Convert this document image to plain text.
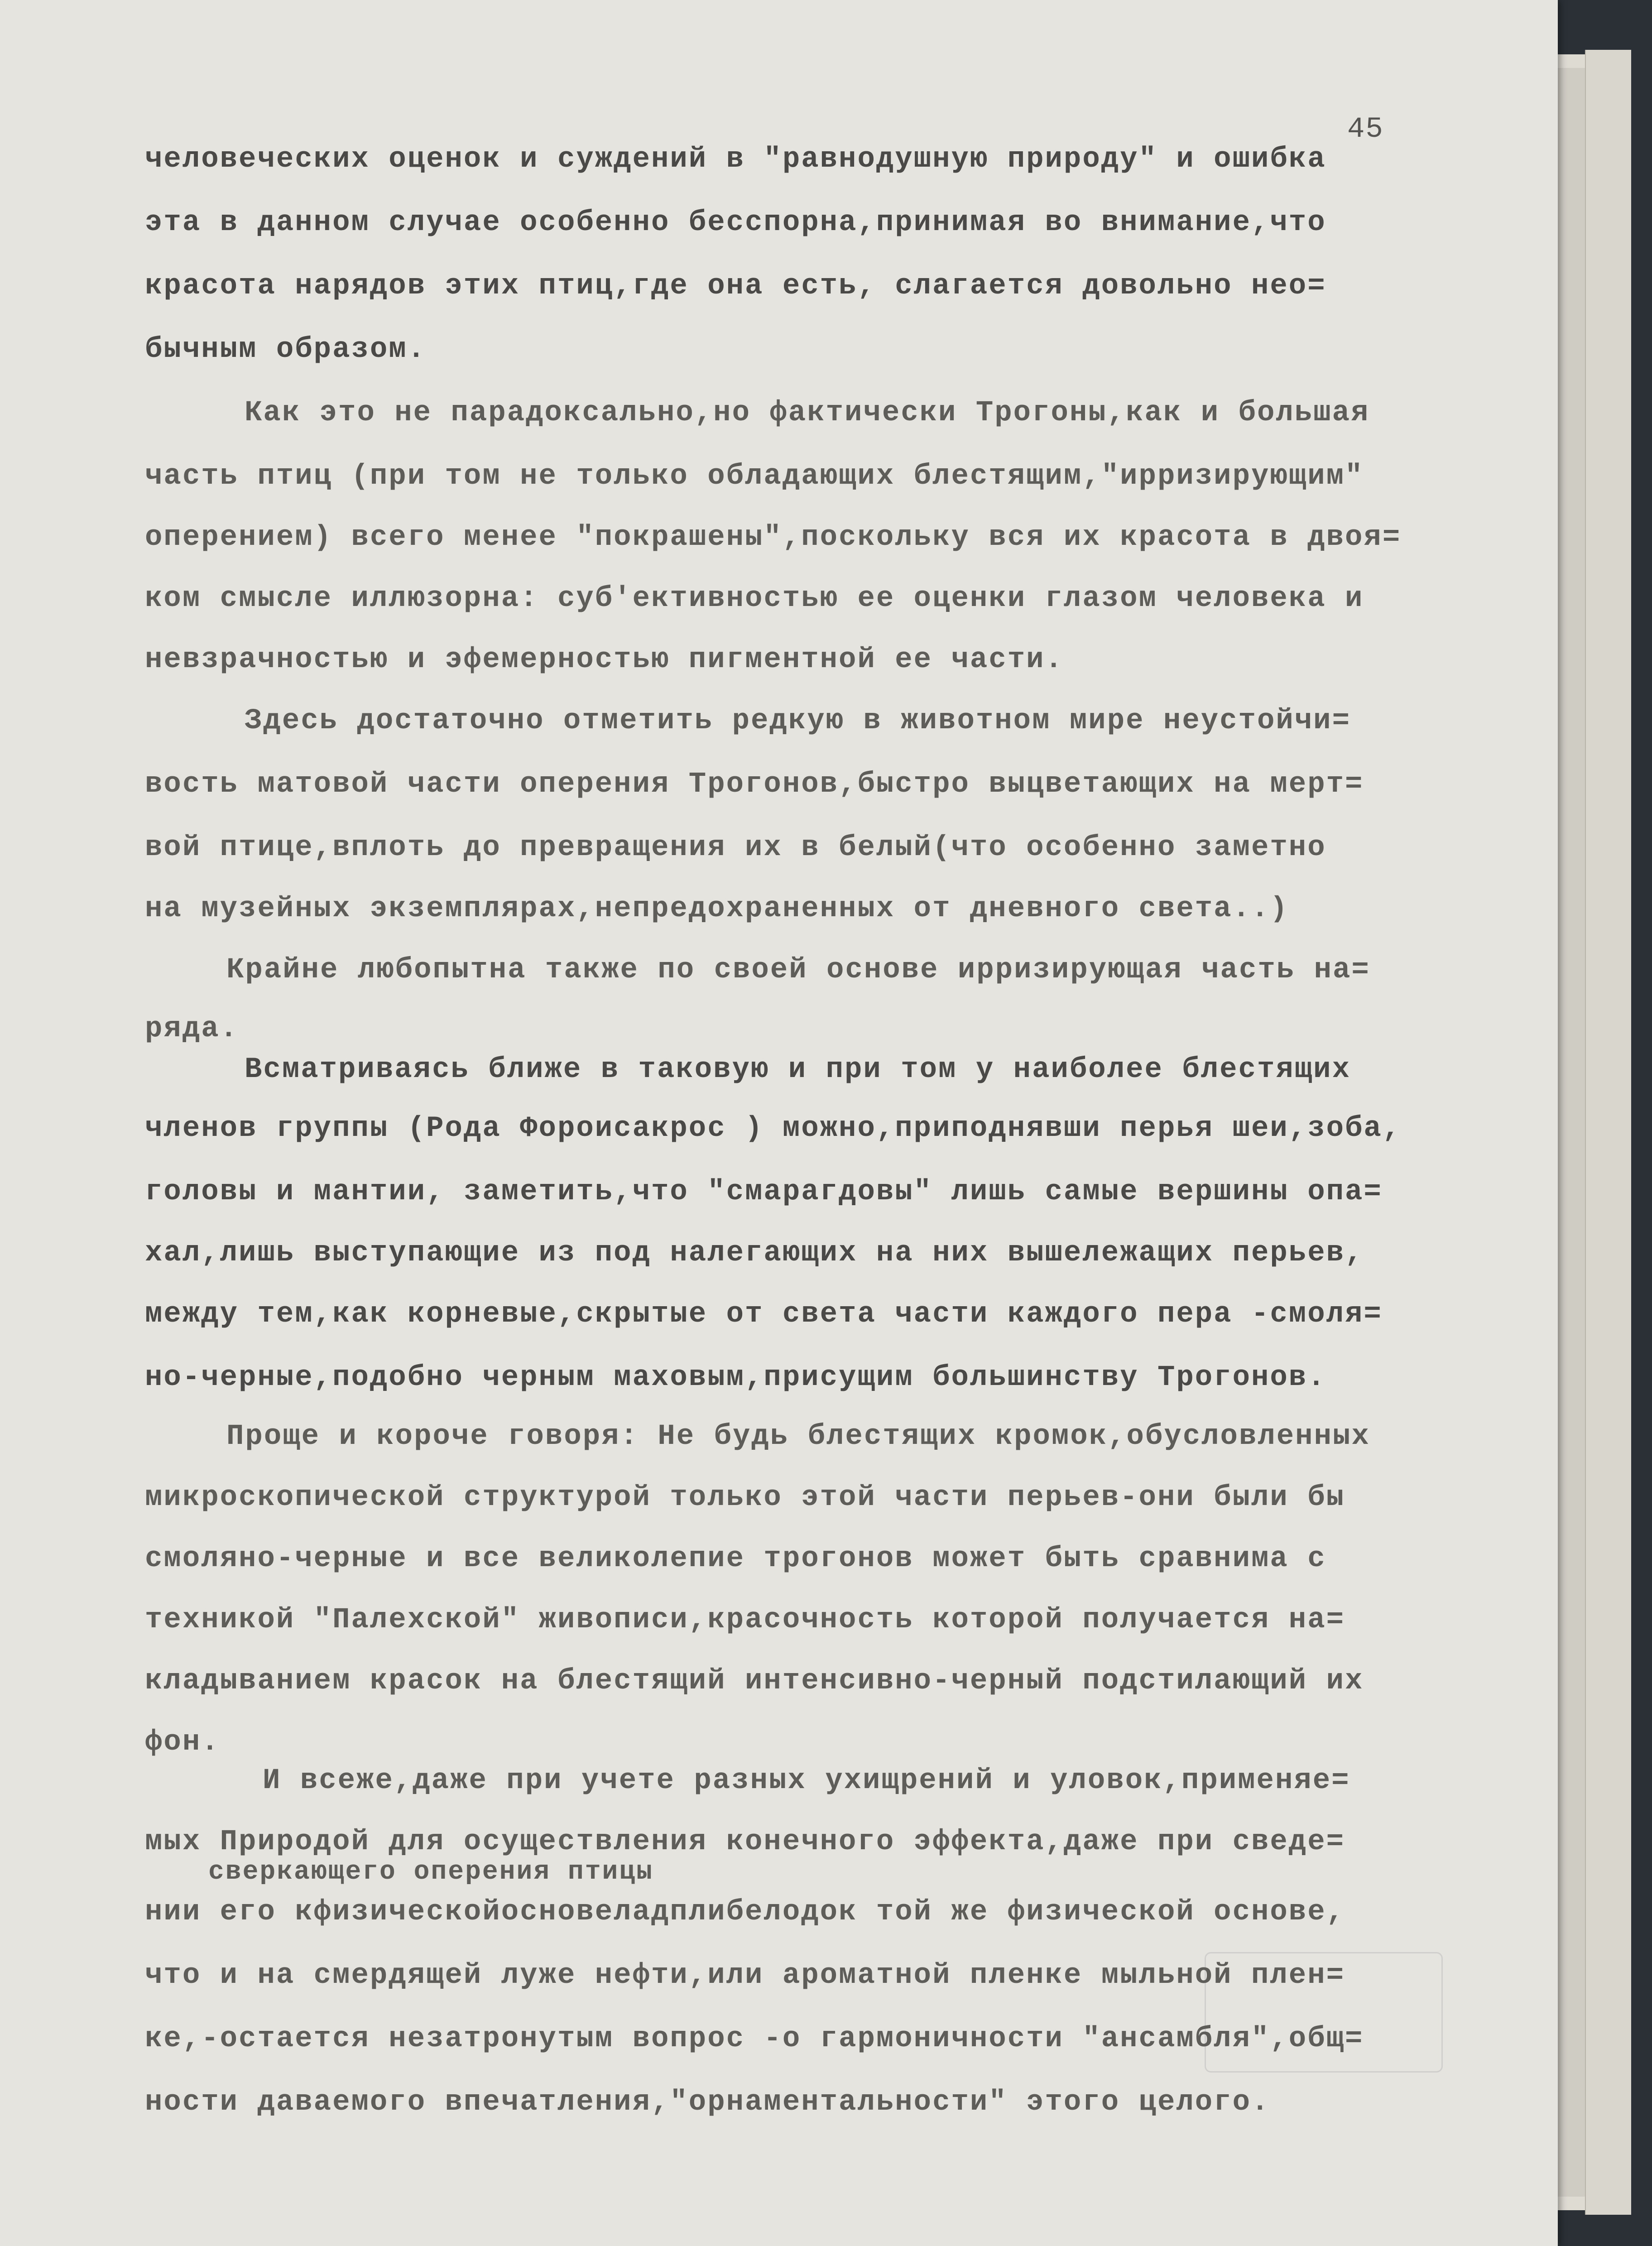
45
человеческих оценок и суждений в "равнодушную природу" и ошибка
эта в данном случае особенно бесспорна,принимая во внимание,что
красота нарядов этих птиц,где она есть, слагается довольно нео=
бычным образом.
Как это не парадоксально,но фактически Трогоны,как и большая
часть птиц (при том не только обладающих блестящим,"ирризирующим"
оперением) всего менее "покрашены",поскольку вся их красота в двоя=
ком смысле иллюзорна: суб'ективностью ее оценки глазом человека и
невзрачностью и эфемерностью пигментной ее части.
Здесь достаточно отметить редкую в животном мире неустойчи=
вость матовой части оперения Трогонов,быстро выцветающих на мерт=
вой птице,вплоть до превращения их в белый(что особенно заметно
на музейных экземплярах,непредохраненных от дневного света..)
Крайне любопытна также по своей основе ирризирующая часть на=
ряда.
Всматриваясь ближе в таковую и при том у наиболее блестящих
членов группы (Рода Фороисакрос ) можно,приподнявши перья шеи,зоба,
головы и мантии, заметить,что "смарагдовы" лишь самые вершины опа=
хал,лишь выступающие из под налегающих на них вышележащих перьев,
между тем,как корневые,скрытые от света части каждого пера -смоля=
но-черные,подобно черным маховым,присущим большинству Трогонов.
Проще и короче говоря: Не будь блестящих кромок,обусловленных
микроскопической структурой только этой части перьев-они были бы
смоляно-черные и все великолепие трогонов может быть сравнима с
техникой "Палехской" живописи,красочность которой получается на=
кладыванием красок на блестящий интенсивно-черный подстилающий их
фон.
И всеже,даже при учете разных ухищрений и уловок,применяе=
мых Природой для осуществления конечного эффекта,даже при сведе=
сверкающего оперения птицы
нии его кфизическойосновеладплибелодок той же физической основе,
что и на смердящей луже нефти,или ароматной пленке мыльной плен=
ке,-остается незатронутым вопрос -о гармоничности "ансамбля",общ=
ности даваемого впечатления,"орнаментальности" этого целого.
